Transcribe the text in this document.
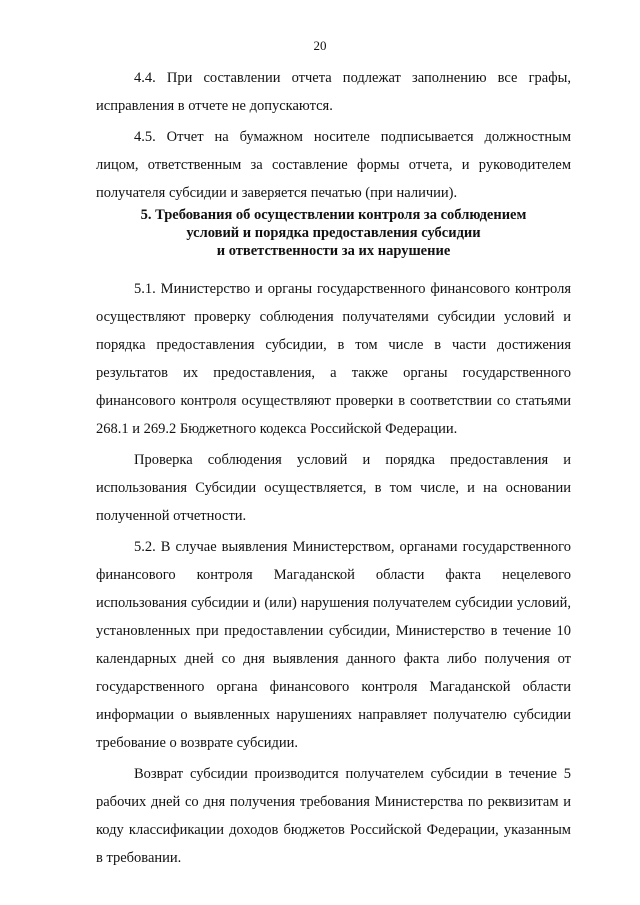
20

4.4. При составлении отчета подлежат заполнению все графы, исправления в отчете не допускаются.

4.5. Отчет на бумажном носителе подписывается должностным лицом, ответственным за составление формы отчета, и руководителем получателя субсидии и заверяется печатью (при наличии).

5. Требования об осуществлении контроля за соблюдением
условий и порядка предоставления субсидии
и ответственности за их нарушение

5.1. Министерство и органы государственного финансового контроля осуществляют проверку соблюдения получателями субсидии условий и порядка предоставления субсидии, в том числе в части достижения результатов их предоставления, а также органы государственного финансового контроля осуществляют проверки в соответствии со статьями 268.1 и 269.2 Бюджетного кодекса Российской Федерации.

Проверка соблюдения условий и порядка предоставления и использования Субсидии осуществляется, в том числе, и на основании полученной отчетности.

5.2. В случае выявления Министерством, органами государственного финансового контроля Магаданской области факта нецелевого использования субсидии и (или) нарушения получателем субсидии условий, установленных при предоставлении субсидии, Министерство в течение 10 календарных дней со дня выявления данного факта либо получения от государственного органа финансового контроля Магаданской области информации о выявленных нарушениях направляет получателю субсидии требование о возврате субсидии.

Возврат субсидии производится получателем субсидии в течение 5 рабочих дней со дня получения требования Министерства по реквизитам и коду классификации доходов бюджетов Российской Федерации, указанным в требовании.
